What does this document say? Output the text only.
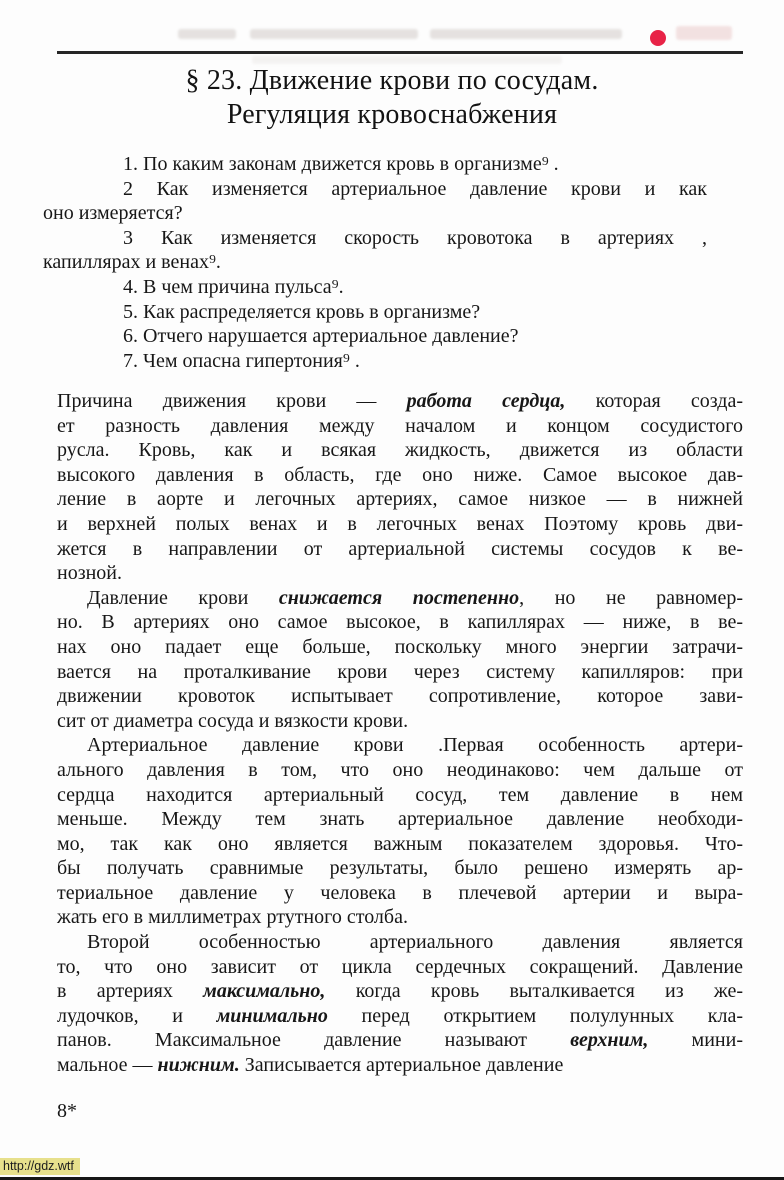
§ 23. Движение крови по сосудам.
Регуляция кровоснабжения
1. По каким законам движется кровь в организме⁹ .
2 Как изменяется артериальное давление крови и как
оно измеряется?
3 Как изменяется скорость кровотока в артериях ,
капиллярах и венах⁹.
4. В чем причина пульса⁹.
5. Как распределяется кровь в организме?
6. Отчего нарушается артериальное давление?
7. Чем опасна гипертония⁹ .
Причина движения крови — работа сердца, которая созда-
ет разность давления между началом и концом сосудистого
русла. Кровь, как и всякая жидкость, движется из области
высокого давления в область, где оно ниже. Самое высокое дав-
ление в аорте и легочных артериях, самое низкое — в нижней
и верхней полых венах и в легочных венах Поэтому кровь дви-
жется в направлении от артериальной системы сосудов к ве-
нозной.
Давление крови снижается постепенно, но не равномер-
но. В артериях оно самое высокое, в капиллярах — ниже, в ве-
нах оно падает еще больше, поскольку много энергии затрачи-
вается на проталкивание крови через систему капилляров: при
движении кровоток испытывает сопротивление, которое зави-
сит от диаметра сосуда и вязкости крови.
Артериальное давление крови .Первая особенность артери-
ального давления в том, что оно неодинаково: чем дальше от
сердца находится артериальный сосуд, тем давление в нем
меньше. Между тем знать артериальное давление необходи-
мо, так как оно является важным показателем здоровья. Что-
бы получать сравнимые результаты, было решено измерять ар-
териальное давление у человека в плечевой артерии и выра-
жать его в миллиметрах ртутного столба.
Второй особенностью артериального давления является
то, что оно зависит от цикла сердечных сокращений. Давление
в артериях максимально, когда кровь выталкивается из же-
лудочков, и минимально перед открытием полулунных кла-
панов. Максимальное давление называют верхним, мини-
мальное — нижним. Записывается артериальное давление
8*
http://gdz.wtf
